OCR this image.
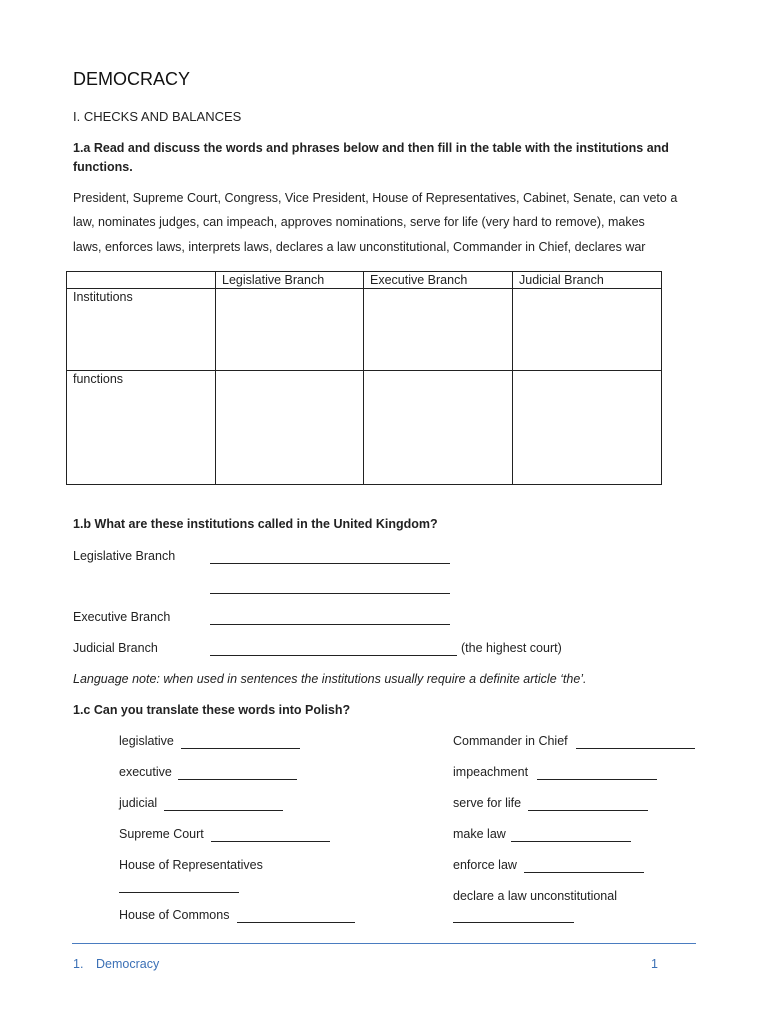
DEMOCRACY
I. CHECKS AND BALANCES
1.a Read and discuss the words and phrases below and then fill in the table with the institutions and
functions.
President, Supreme Court, Congress, Vice President, House of Representatives, Cabinet, Senate, can veto a
law, nominates judges, can impeach, approves nominations, serve for life (very hard to remove), makes
laws, enforces laws, interprets laws, declares a law unconstitutional, Commander in Chief, declares war
	Legislative Branch	Executive Branch	Judicial Branch
Institutions			
functions			
1.b What are these institutions called in the United Kingdom?
Legislative Branch
Executive Branch
Judicial Branch	(the highest court)
Language note: when used in sentences the institutions usually require a definite article ‘the’.
1.c Can you translate these words into Polish?
legislative
executive
judicial
Supreme Court
House of Representatives
House of Commons
Commander in Chief
impeachment
serve for life
make law
enforce law
declare a law unconstitutional
1. Democracy	1
